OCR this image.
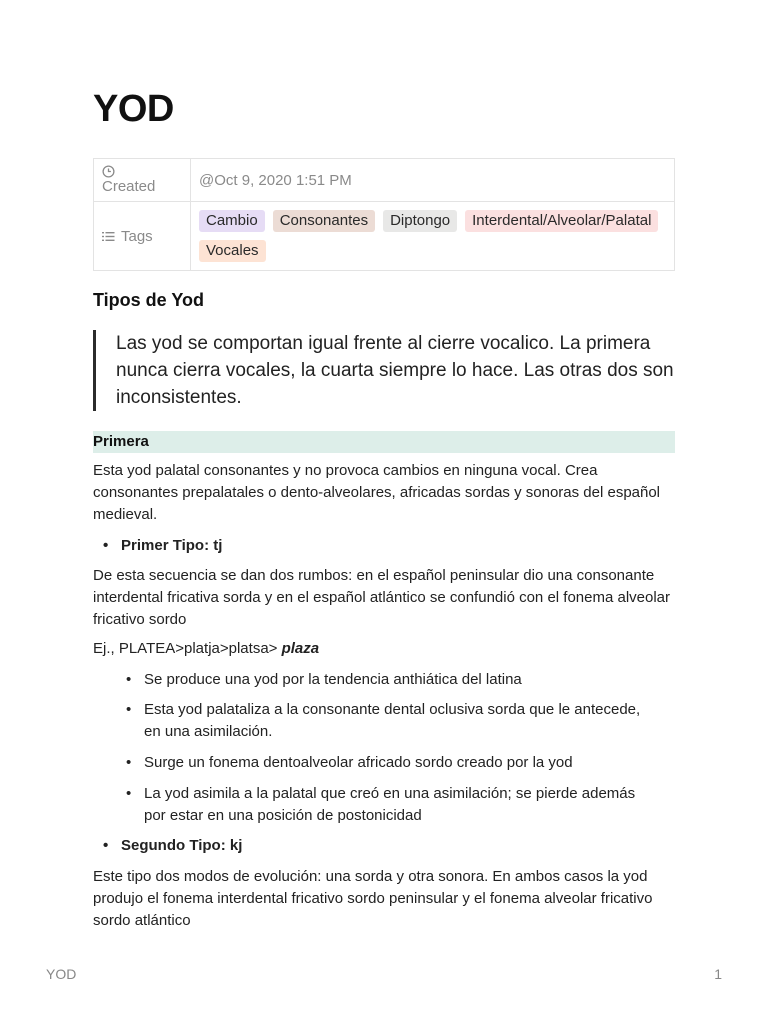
YOD
Created	@Oct 9, 2020 1:51 PM

Tags	Cambio Consonantes Diptongo Interdental/Alveolar/Palatal
Vocales
Tipos de Yod
Las yod se comportan igual frente al cierre vocalico. La primera nunca cierra vocales, la cuarta siempre lo hace. Las otras dos son inconsistentes.
Primera

Esta yod palatal consonantes y no provoca cambios en ninguna vocal. Crea consonantes prepalatales o dento-alveolares, africadas sordas y sonoras del español medieval.

• Primer Tipo: tj

De esta secuencia se dan dos rumbos: en el español peninsular dio una consonante interdental fricativa sorda y en el español atlántico se confundió con el fonema alveolar fricativo sordo

Ej., PLATEA>platja>platsa> plaza

• Se produce una yod por la tendencia anthiática del latina
• Esta yod palataliza a la consonante dental oclusiva sorda que le antecede, en una asimilación.
• Surge un fonema dentoalveolar africado sordo creado por la yod
• La yod asimila a la palatal que creó en una asimilación; se pierde además por estar en una posición de postonicidad
• Segundo Tipo: kj

Este tipo dos modos de evolución: una sorda y otra sonora. En ambos casos la yod produjo el fonema interdental fricativo sordo peninsular y el fonema alveolar fricativo sordo atlántico

YOD	1
